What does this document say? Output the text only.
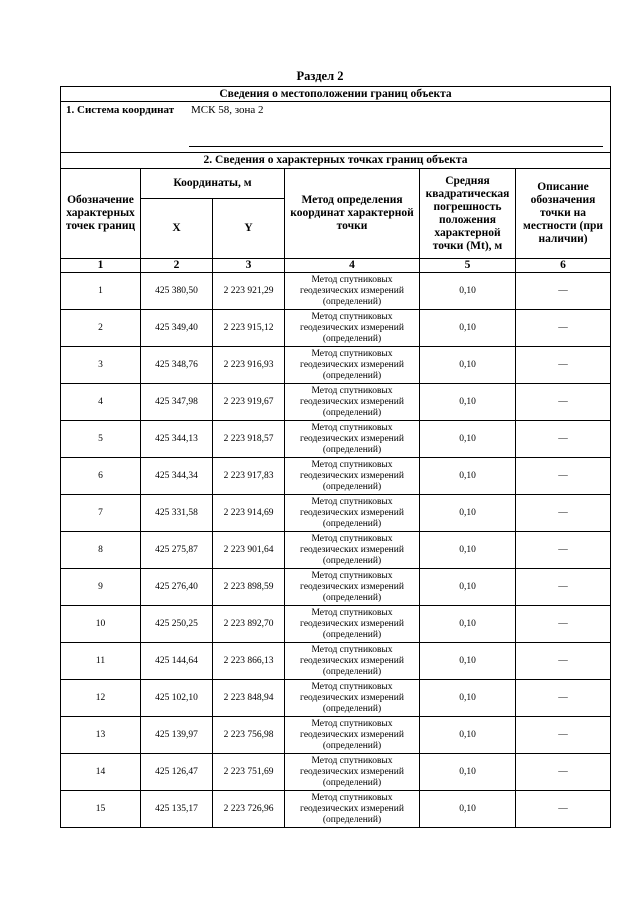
Раздел 2
Сведения о местоположении границ объекта					

1. Система координат МСК 58, зона 2					

2. Сведения о характерных точках границ объекта					
Обозначение характерных точек границ	Координаты, м		Метод определения координат характерной точки	Средняя квадратическая погрешность положения характерной точки (Мt), м	Описание обозначения точки на местности (при наличии)
	X	Y			
1	2	3	4	5	6
1	425 380,50	2 223 921,29	Метод спутниковых геодезических измерений (определений)	0,10	—
2	425 349,40	2 223 915,12	Метод спутниковых геодезических измерений (определений)	0,10	—
3	425 348,76	2 223 916,93	Метод спутниковых геодезических измерений (определений)	0,10	—
4	425 347,98	2 223 919,67	Метод спутниковых геодезических измерений (определений)	0,10	—
5	425 344,13	2 223 918,57	Метод спутниковых геодезических измерений (определений)	0,10	—
6	425 344,34	2 223 917,83	Метод спутниковых геодезических измерений (определений)	0,10	—
7	425 331,58	2 223 914,69	Метод спутниковых геодезических измерений (определений)	0,10	—
8	425 275,87	2 223 901,64	Метод спутниковых геодезических измерений (определений)	0,10	—
9	425 276,40	2 223 898,59	Метод спутниковых геодезических измерений (определений)	0,10	—
10	425 250,25	2 223 892,70	Метод спутниковых геодезических измерений (определений)	0,10	—
11	425 144,64	2 223 866,13	Метод спутниковых геодезических измерений (определений)	0,10	—
12	425 102,10	2 223 848,94	Метод спутниковых геодезических измерений (определений)	0,10	—
13	425 139,97	2 223 756,98	Метод спутниковых геодезических измерений (определений)	0,10	—
14	425 126,47	2 223 751,69	Метод спутниковых геодезических измерений (определений)	0,10	—
15	425 135,17	2 223 726,96	Метод спутниковых геодезических измерений (определений)	0,10	—
